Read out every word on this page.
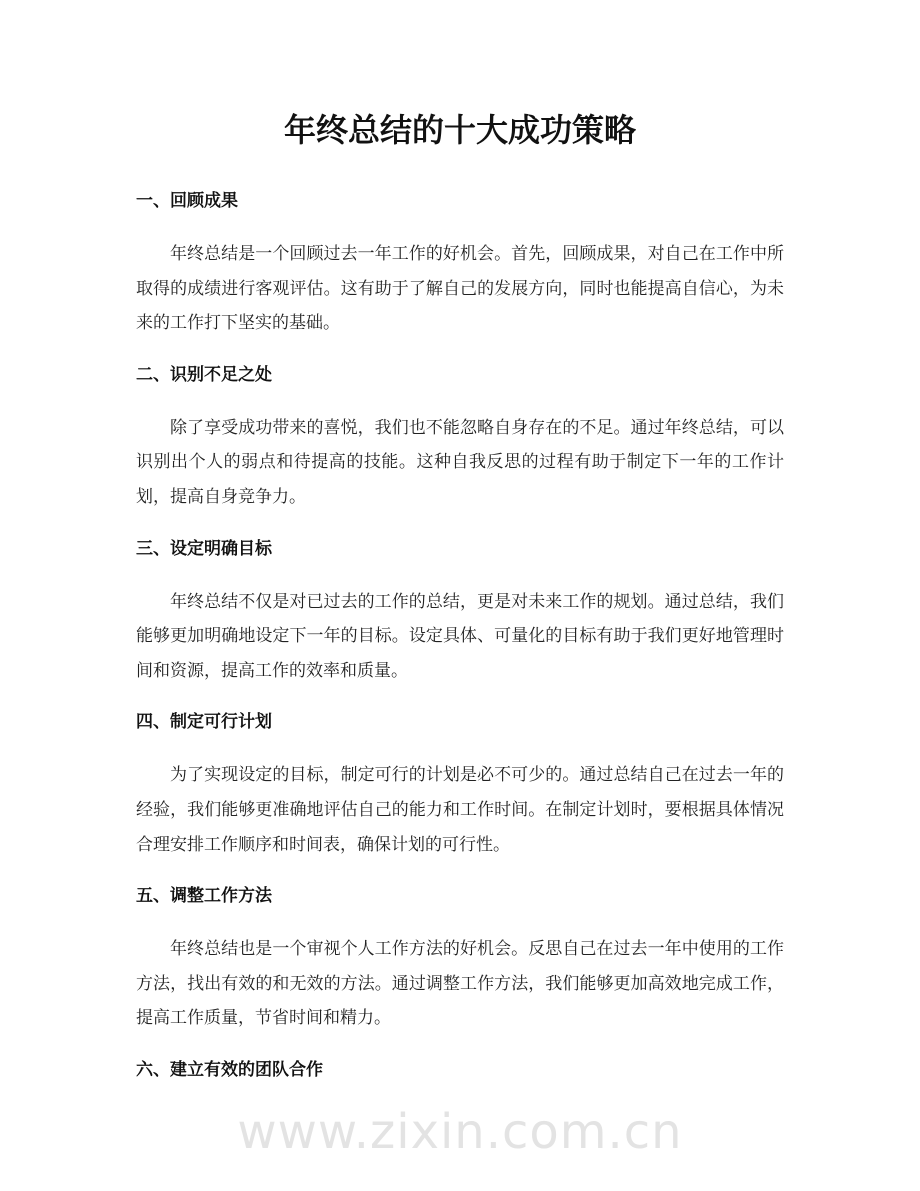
年终总结的十大成功策略
一、回顾成果

年终总结是一个回顾过去一年工作的好机会。首先，回顾成果，对自己在工作中所取得的成绩进行客观评估。这有助于了解自己的发展方向，同时也能提高自信心，为未来的工作打下坚实的基础。

二、识别不足之处

除了享受成功带来的喜悦，我们也不能忽略自身存在的不足。通过年终总结，可以识别出个人的弱点和待提高的技能。这种自我反思的过程有助于制定下一年的工作计划，提高自身竞争力。

三、设定明确目标

年终总结不仅是对已过去的工作的总结，更是对未来工作的规划。通过总结，我们能够更加明确地设定下一年的目标。设定具体、可量化的目标有助于我们更好地管理时间和资源，提高工作的效率和质量。

四、制定可行计划

为了实现设定的目标，制定可行的计划是必不可少的。通过总结自己在过去一年的经验，我们能够更准确地评估自己的能力和工作时间。在制定计划时，要根据具体情况合理安排工作顺序和时间表，确保计划的可行性。

五、调整工作方法

年终总结也是一个审视个人工作方法的好机会。反思自己在过去一年中使用的工作方法，找出有效的和无效的方法。通过调整工作方法，我们能够更加高效地完成工作，提高工作质量，节省时间和精力。

六、建立有效的团队合作
www.zixin.com.cn
